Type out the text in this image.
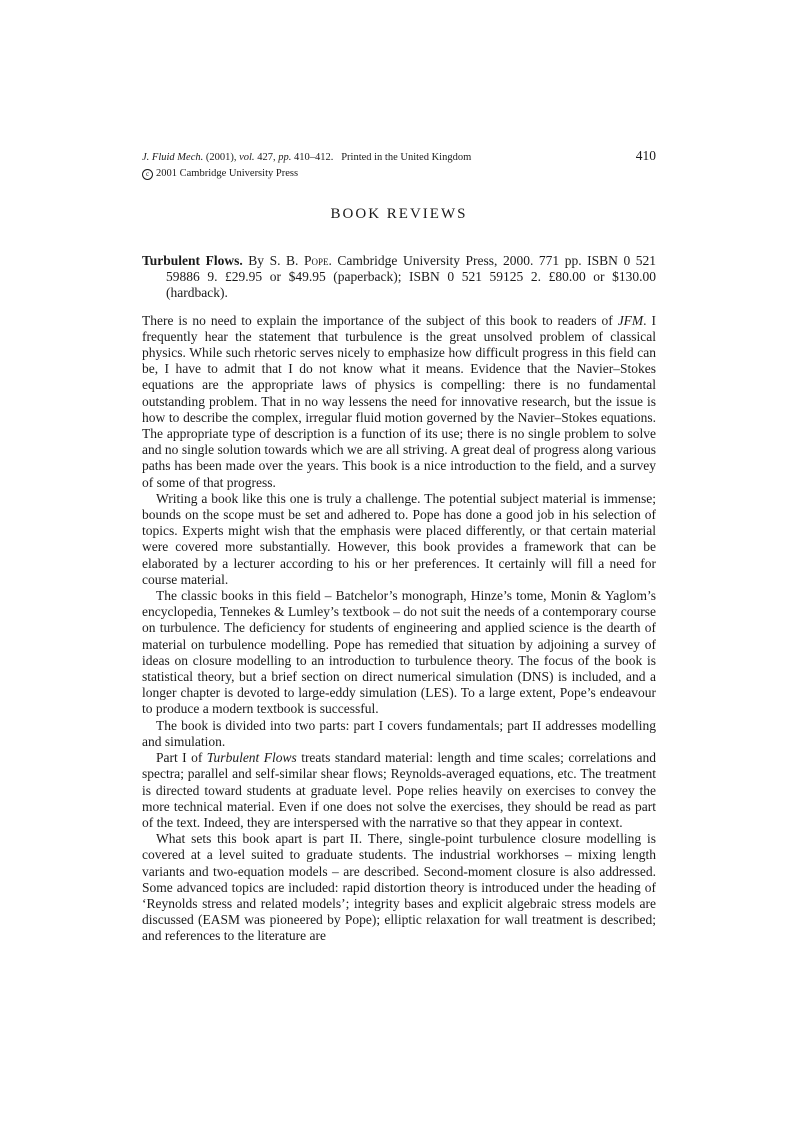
J. Fluid Mech. (2001), vol. 427, pp. 410–412. Printed in the United Kingdom
c 2001 Cambridge University Press
410
BOOK REVIEWS
Turbulent Flows. By S. B. Pope. Cambridge University Press, 2000. 771 pp. ISBN 0 521 59886 9. £29.95 or $49.95 (paperback); ISBN 0 521 59125 2. £80.00 or $130.00 (hardback).

There is no need to explain the importance of the subject of this book to readers of JFM. I frequently hear the statement that turbulence is the great unsolved problem of classical physics. While such rhetoric serves nicely to emphasize how difficult progress in this field can be, I have to admit that I do not know what it means. Evidence that the Navier–Stokes equations are the appropriate laws of physics is compelling: there is no fundamental outstanding problem. That in no way lessens the need for innovative research, but the issue is how to describe the complex, irregular fluid motion governed by the Navier–Stokes equations. The appropriate type of description is a function of its use; there is no single problem to solve and no single solution towards which we are all striving. A great deal of progress along various paths has been made over the years. This book is a nice introduction to the field, and a survey of some of that progress.

Writing a book like this one is truly a challenge. The potential subject material is immense; bounds on the scope must be set and adhered to. Pope has done a good job in his selection of topics. Experts might wish that the emphasis were placed differently, or that certain material were covered more substantially. However, this book provides a framework that can be elaborated by a lecturer according to his or her preferences. It certainly will fill a need for course material.

The classic books in this field – Batchelor’s monograph, Hinze’s tome, Monin & Yaglom’s encyclopedia, Tennekes & Lumley’s textbook – do not suit the needs of a contemporary course on turbulence. The deficiency for students of engineering and applied science is the dearth of material on turbulence modelling. Pope has remedied that situation by adjoining a survey of ideas on closure modelling to an introduction to turbulence theory. The focus of the book is statistical theory, but a brief section on direct numerical simulation (DNS) is included, and a longer chapter is devoted to large-eddy simulation (LES). To a large extent, Pope’s endeavour to produce a modern textbook is successful.

The book is divided into two parts: part I covers fundamentals; part II addresses modelling and simulation.

Part I of Turbulent Flows treats standard material: length and time scales; correlations and spectra; parallel and self-similar shear flows; Reynolds-averaged equations, etc. The treatment is directed toward students at graduate level. Pope relies heavily on exercises to convey the more technical material. Even if one does not solve the exercises, they should be read as part of the text. Indeed, they are interspersed with the narrative so that they appear in context.

What sets this book apart is part II. There, single-point turbulence closure modelling is covered at a level suited to graduate students. The industrial workhorses – mixing length variants and two-equation models – are described. Second-moment closure is also addressed. Some advanced topics are included: rapid distortion theory is introduced under the heading of ‘Reynolds stress and related models’; integrity bases and explicit algebraic stress models are discussed (EASM was pioneered by Pope); elliptic relaxation for wall treatment is described; and references to the literature are
